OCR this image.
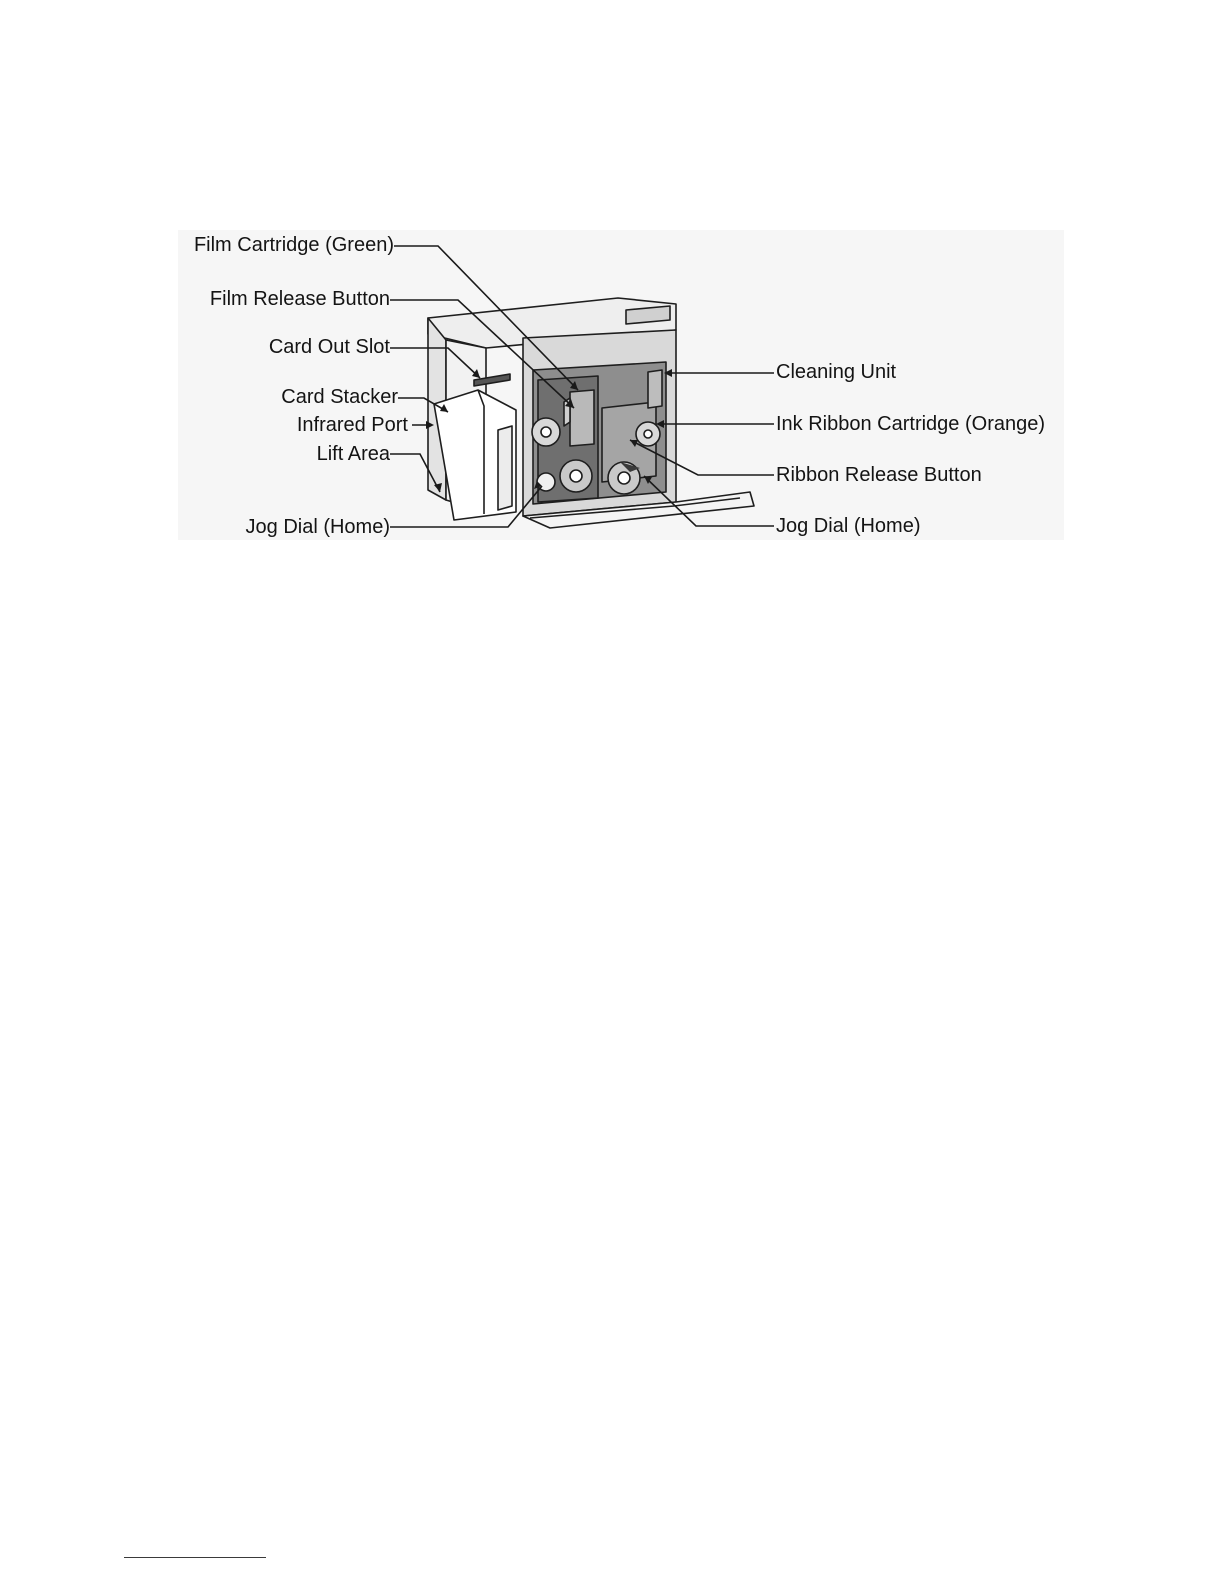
Film Cartridge (Green)
Film Release Button
Card Out Slot
Card Stacker
Infrared Port
Lift Area
Jog Dial (Home)
Cleaning Unit
Ink Ribbon Cartridge (Orange)
Ribbon Release Button
Jog Dial (Home)
